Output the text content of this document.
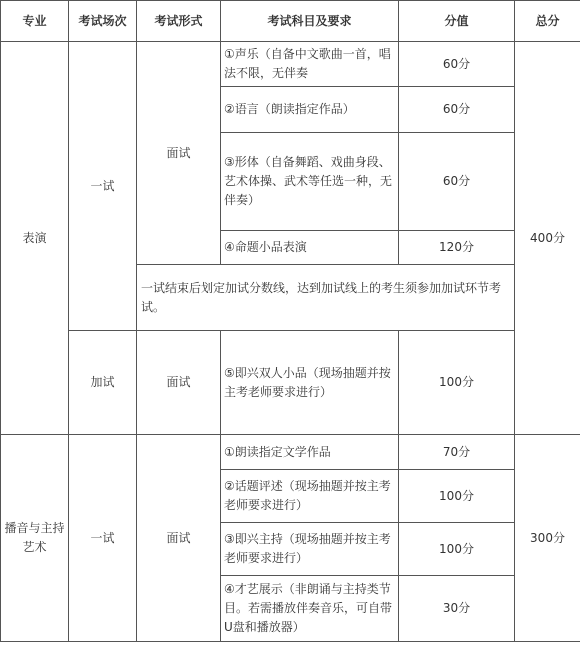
专业	考试场次	考试形式	考试科目及要求	分值	总分
表演	一试	面试	①声乐（自备中文歌曲一首，唱法不限，无伴奏	60分	400分
			②语言（朗读指定作品）	60分	
			③形体（自备舞蹈、戏曲身段、艺术体操、武术等任选一种，无伴奏）	60分	
			④命题小品表演	120分	
		一试结束后划定加试分数线，达到加试线上的考生须参加加试环节考试。			
	加试	面试	⑤即兴双人小品（现场抽题并按主考老师要求进行）	100分	

播音与主持艺术	一试	面试	①朗读指定文学作品	70分	300分
			②话题评述（现场抽题并按主考老师要求进行）	100分	
			③即兴主持（现场抽题并按主考老师要求进行）	100分	
			④才艺展示（非朗诵与主持类节目。若需播放伴奏音乐，可自带U盘和播放器）	30分	
